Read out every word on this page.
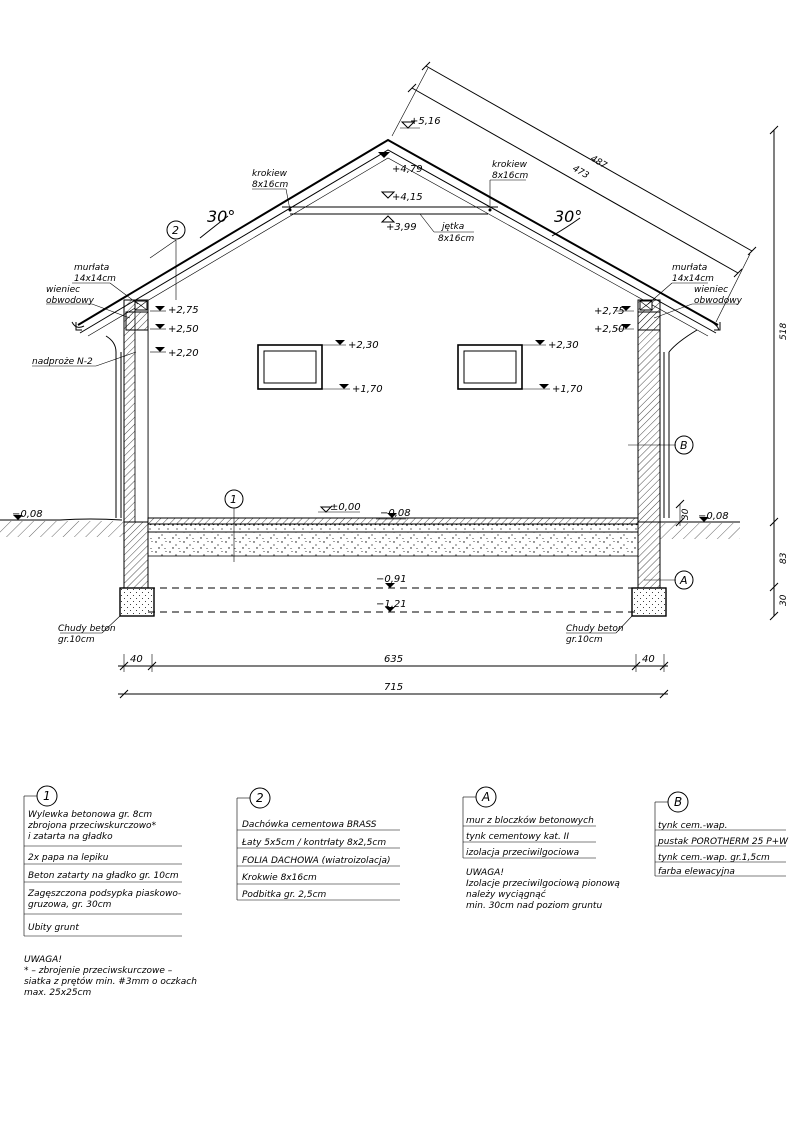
30°	30°
487
473
+5,16
+4,79
+4,15
+3,99
+2,75
+2,50
+2,20
+2,75
+2,50
+2,30
+1,70
+2,30
+1,70
±0,00
−0,08
−0,08	−0,08
−0,91
−1,21
krokiew
8x16cm
krokiew
8x16cm
jętka
8x16cm
murłata
14x14cm
wieniec
obwodowy
nadproże N-2
murłata
14x14cm
wieniec
obwodowy
Chudy beton
gr.10cm
Chudy beton
gr.10cm
2
1
B
A
518
83
30
30
40	635	40
715
1
Wylewka betonowa gr. 8cm
zbrojona przeciwskurczowo*
i zatarta na gładko
2x papa na lepiku
Beton zatarty na gładko gr. 10cm
Zagęszczona podsypka piaskowo-
gruzowa, gr. 30cm
Ubity grunt
UWAGA!
* – zbrojenie przeciwskurczowe –
siatka z prętów min. #3mm o oczkach
max. 25x25cm
2
Dachówka cementowa BRASS
Łaty 5x5cm / kontrłaty 8x2,5cm
FOLIA DACHOWA (wiatroizolacja)
Krokwie 8x16cm
Podbitka gr. 2,5cm
A
mur z bloczków betonowych
tynk cementowy kat. II
izolacja przeciwilgociowa
UWAGA!
Izolacje przeciwilgociową pionową
należy wyciągnąć
min. 30cm nad poziom gruntu
B
tynk cem.-wap.
pustak POROTHERM 25 P+W
tynk cem.-wap. gr.1,5cm
farba elewacyjna
